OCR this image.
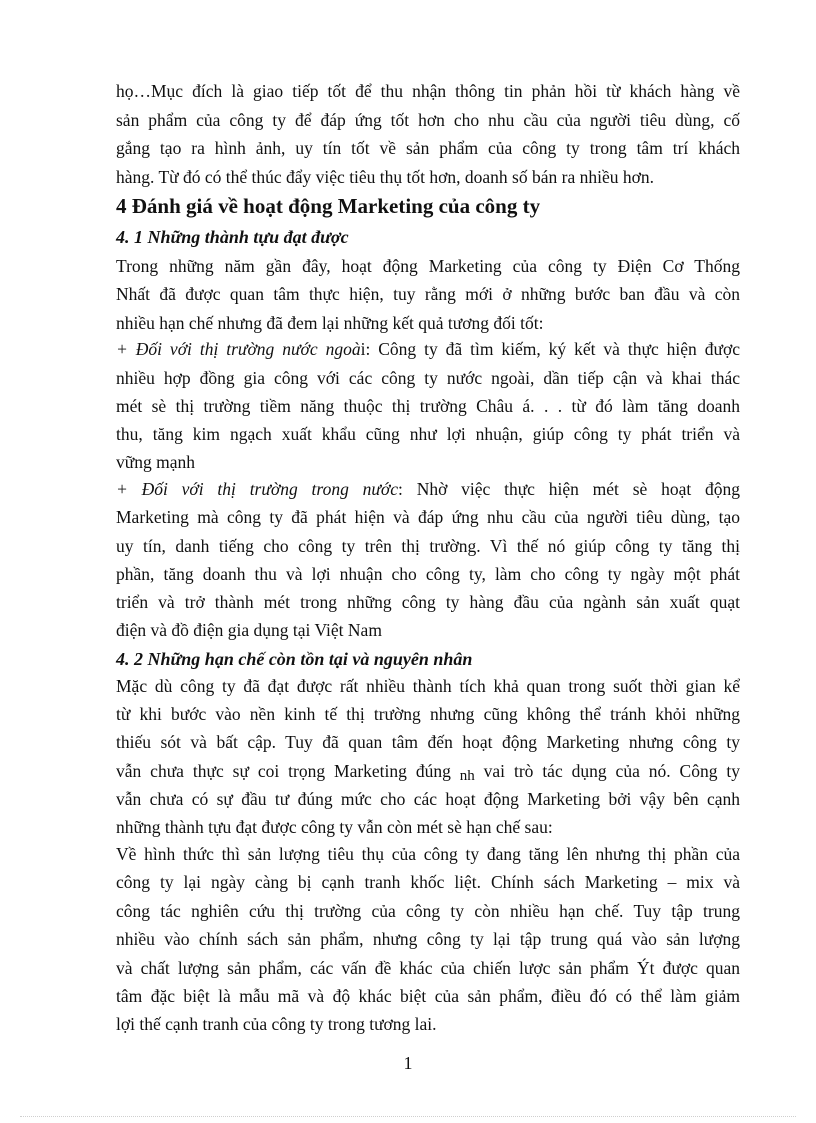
họ…Mục đích là giao tiếp tốt để thu nhận thông tin phản hồi từ khách hàng về
sản phẩm của công ty để đáp ứng tốt hơn cho nhu cầu của người tiêu dùng, cố
gắng tạo ra hình ảnh, uy tín tốt về sản phẩm của công ty trong tâm trí khách
hàng. Từ đó có thể thúc đẩy việc tiêu thụ tốt hơn, doanh số bán ra nhiều hơn.
4 Đánh giá về hoạt động Marketing của công ty
4. 1 Những thành tựu đạt được
Trong những năm gần đây, hoạt động Marketing của công ty Điện Cơ Thống
Nhất đã được quan tâm thực hiện, tuy rằng mới ở những bước ban đầu và còn
nhiều hạn chế nhưng đã đem lại những kết quả tương đối tốt:
+ Đối với thị trường nước ngoài: Công ty đã tìm kiếm, ký kết và thực hiện được
nhiều hợp đồng gia công với các công ty nước ngoài, dần tiếp cận và khai thác
mét sè thị trường tiềm năng thuộc thị trường Châu á. . . từ đó làm tăng doanh
thu, tăng kim ngạch xuất khẩu cũng như lợi nhuận, giúp công ty phát triển và
vững mạnh
+ Đối với thị trường trong nước: Nhờ việc thực hiện mét sè hoạt động
Marketing mà công ty đã phát hiện và đáp ứng nhu cầu của người tiêu dùng, tạo
uy tín, danh tiếng cho công ty trên thị trường. Vì thế nó giúp công ty tăng thị
phần, tăng doanh thu và lợi nhuận cho công ty, làm cho công ty ngày một phát
triển và trở thành mét trong những công ty hàng đầu của ngành sản xuất quạt
điện và đồ điện gia dụng tại Việt Nam
4. 2 Những hạn chế còn tồn tại và nguyên nhân
Mặc dù công ty đã đạt được rất nhiều thành tích khả quan trong suốt thời gian kể
từ khi bước vào nền kinh tế thị trường nhưng cũng không thể tránh khỏi những
thiếu sót và bất cập. Tuy đã quan tâm đến hoạt động Marketing nhưng công ty
vẫn chưa thực sự coi trọng Marketing đúng nh vai trò tác dụng của nó. Công ty
vẫn chưa có sự đầu tư đúng mức cho các hoạt động Marketing bởi vậy bên cạnh
những thành tựu đạt được công ty vẫn còn mét sè hạn chế sau:
Về hình thức thì sản lượng tiêu thụ của công ty đang tăng lên nhưng thị phần của
công ty lại ngày càng bị cạnh tranh khốc liệt. Chính sách Marketing – mix và
công tác nghiên cứu thị trường của công ty còn nhiều hạn chế. Tuy tập trung
nhiều vào chính sách sản phẩm, nhưng công ty lại tập trung quá vào sản lượng
và chất lượng sản phẩm, các vấn đề khác của chiến lược sản phẩm Ýt được quan
tâm đặc biệt là mẫu mã và độ khác biệt của sản phẩm, điều đó có thể làm giảm
lợi thế cạnh tranh của công ty trong tương lai.
1
